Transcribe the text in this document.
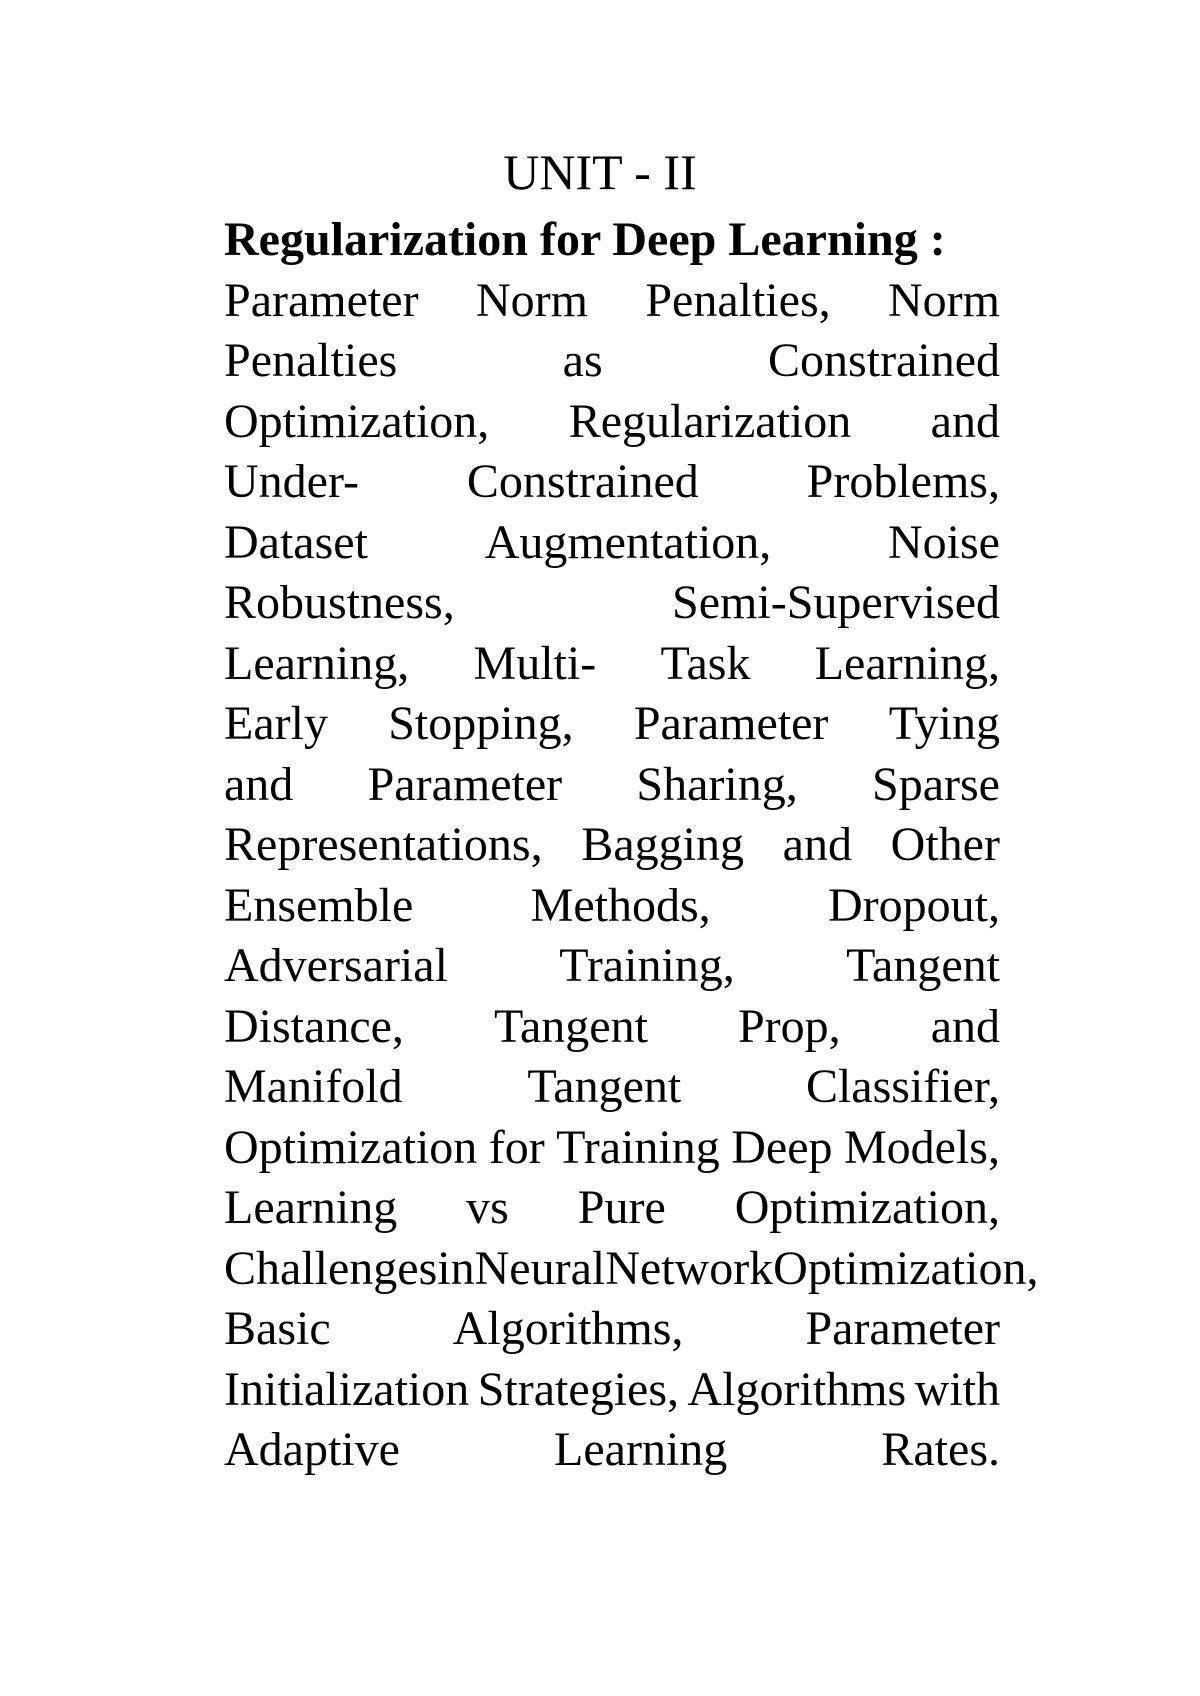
UNIT - II
Regularization for Deep Learning :
Parameter Norm Penalties, Norm
Penalties	as	Constrained
Optimization, Regularization and
Under- Constrained Problems,
Dataset Augmentation, Noise
Robustness,	Semi-Supervised
Learning, Multi- Task Learning,
Early Stopping, Parameter Tying
and Parameter Sharing, Sparse
Representations, Bagging and Other
Ensemble Methods, Dropout,
Adversarial Training, Tangent
Distance, Tangent Prop, and
Manifold	Tangent	Classifier,
Optimization for Training Deep Models,
Learning vs Pure Optimization,
Challenges in Neural Network Optimization,
Basic	Algorithms,	Parameter
Initialization Strategies, Algorithms with
Adaptive	Learning	Rates.
